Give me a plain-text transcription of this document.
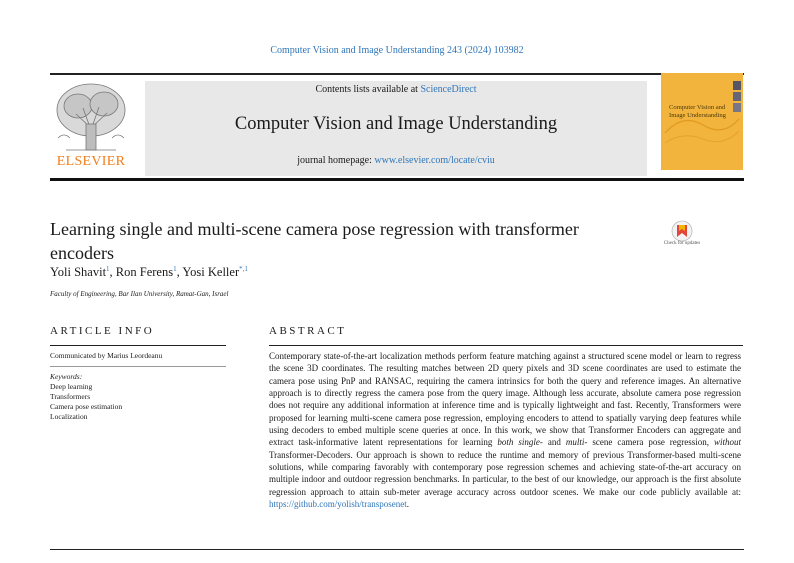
Computer Vision and Image Understanding 243 (2024) 103982
ELSEVIER
Contents lists available at ScienceDirect
Computer Vision and Image Understanding
journal homepage: www.elsevier.com/locate/cviu
Computer Vision and Image Understanding
Learning single and multi-scene camera pose regression with transformer encoders
Yoli Shavit$^1$, Ron Ferens$^1$, Yosi Keller$^{*,1}$
Faculty of Engineering, Bar Ilan University, Ramat-Gan, Israel
Check for updates
ARTICLE INFO
Communicated by Marius Leordeanu
Keywords:
Deep learning
Transformers
Camera pose estimation
Localization
ABSTRACT
Contemporary state-of-the-art localization methods perform feature matching against a structured scene model or learn to regress the scene 3D coordinates. The resulting matches between 2D query pixels and 3D scene coordinates are used to estimate the camera pose using PnP and RANSAC, requiring the camera intrinsics for both the query and reference images. An alternative approach is to directly regress the camera pose from the query image. Although less accurate, absolute camera pose regression does not require any additional information at inference time and is typically lightweight and fast. Recently, Transformers were proposed for learning multi-scene camera pose regression, employing encoders to attend to spatially varying deep features while using decoders to embed multiple scene queries at once. In this work, we show that Transformer Encoders can aggregate and extract task-informative latent representations for learning both single- and multi- scene camera pose regression, without Transformer-Decoders. Our approach is shown to reduce the runtime and memory of previous Transformer-based multi-scene solutions, while comparing favorably with contemporary pose regression schemes and achieving state-of-the-art accuracy on multiple indoor and outdoor regression benchmarks. In particular, to the best of our knowledge, our approach is the first absolute regression approach to attain sub-meter average accuracy across outdoor scenes. We make our code publicly available at: https://github.com/yolish/transposenet.
